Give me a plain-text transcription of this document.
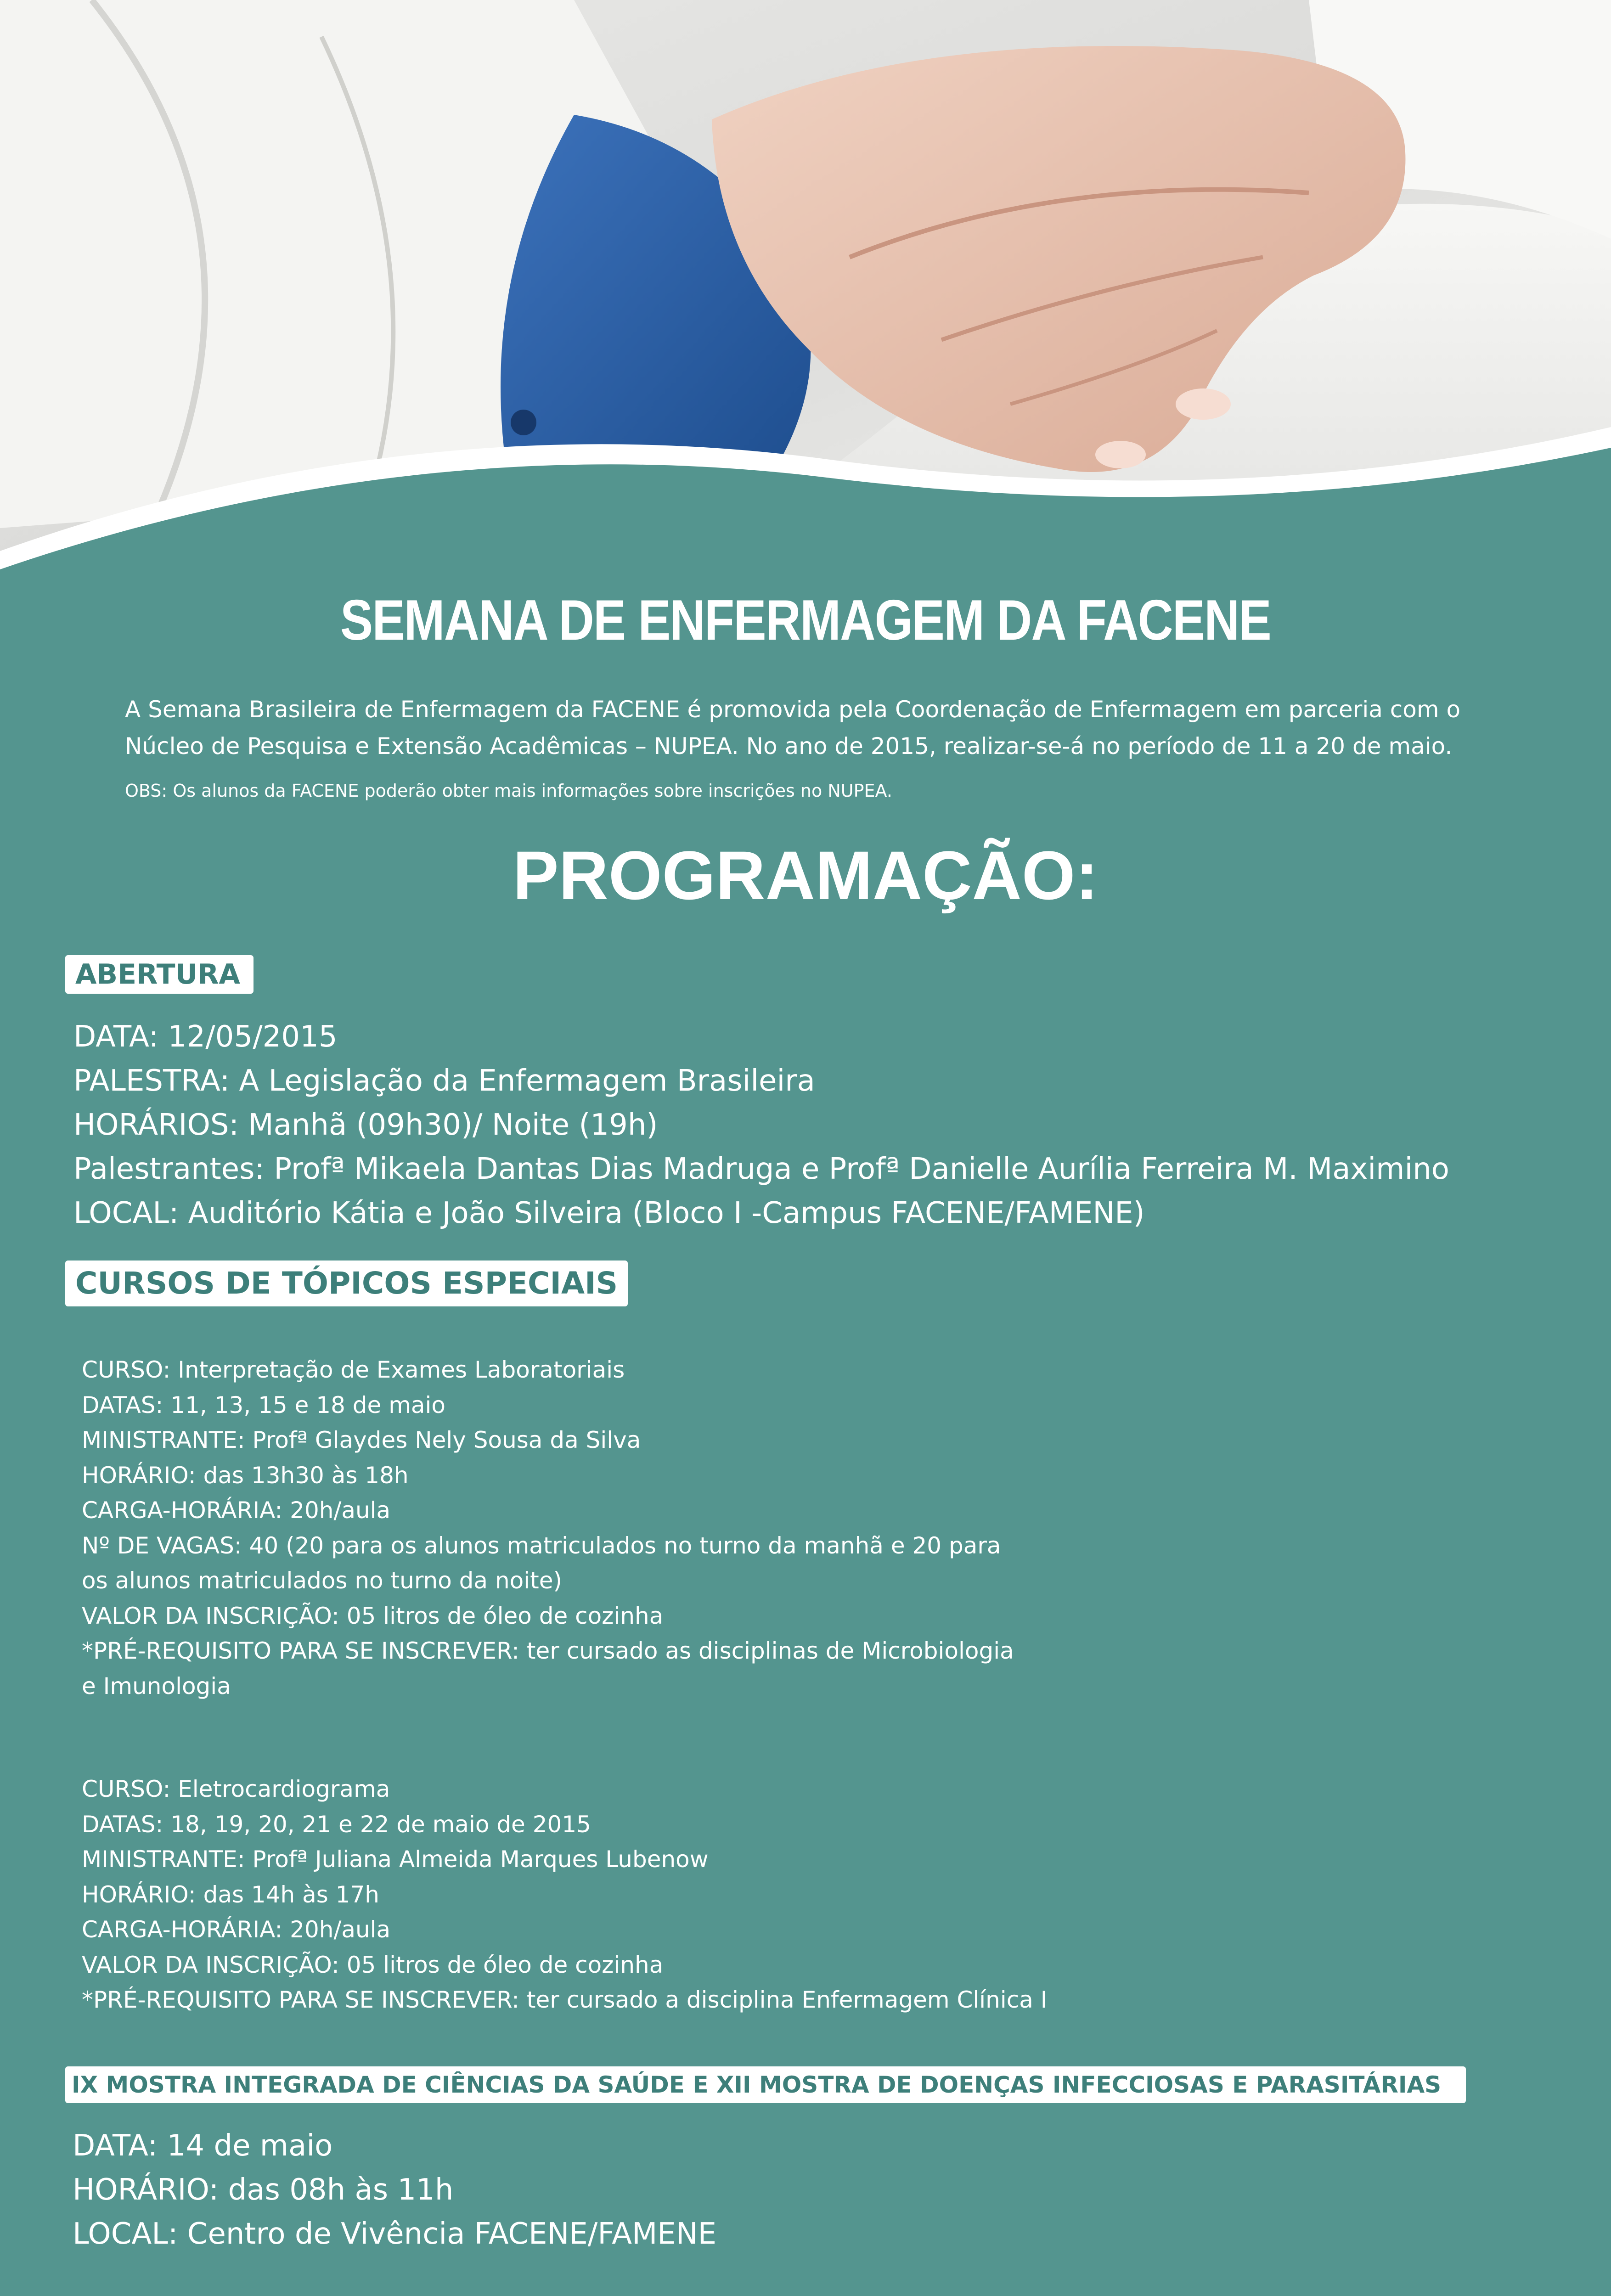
SEMANA DE ENFERMAGEM DA FACENE
A Semana Brasileira de Enfermagem da FACENE é promovida pela Coordenação de Enfermagem em parceria com o
Núcleo de Pesquisa e Extensão Acadêmicas – NUPEA. No ano de 2015, realizar-se-á no período de 11 a 20 de maio.
OBS: Os alunos da FACENE poderão obter mais informações sobre inscrições no NUPEA.
PROGRAMAÇÃO:
ABERTURA
DATA: 12/05/2015
PALESTRA: A Legislação da Enfermagem Brasileira
HORÁRIOS: Manhã (09h30)/ Noite (19h)
Palestrantes: Profª Mikaela Dantas Dias Madruga e Profª Danielle Aurília Ferreira M. Maximino
LOCAL: Auditório Kátia e João Silveira (Bloco I -Campus FACENE/FAMENE)
CURSOS DE TÓPICOS ESPECIAIS
CURSO: Interpretação de Exames Laboratoriais
DATAS: 11, 13, 15 e 18 de maio
MINISTRANTE: Profª Glaydes Nely Sousa da Silva
HORÁRIO: das 13h30 às 18h
CARGA-HORÁRIA: 20h/aula
Nº DE VAGAS: 40 (20 para os alunos matriculados no turno da manhã e 20 para
os alunos matriculados no turno da noite)
VALOR DA INSCRIÇÃO: 05 litros de óleo de cozinha
*PRÉ-REQUISITO PARA SE INSCREVER: ter cursado as disciplinas de Microbiologia
e Imunologia
CURSO: Eletrocardiograma
DATAS: 18, 19, 20, 21 e 22 de maio de 2015
MINISTRANTE: Profª Juliana Almeida Marques Lubenow
HORÁRIO: das 14h às 17h
CARGA-HORÁRIA: 20h/aula
VALOR DA INSCRIÇÃO: 05 litros de óleo de cozinha
*PRÉ-REQUISITO PARA SE INSCREVER: ter cursado a disciplina Enfermagem Clínica I
IX MOSTRA INTEGRADA DE CIÊNCIAS DA SAÚDE E XII MOSTRA DE DOENÇAS INFECCIOSAS E PARASITÁRIAS
DATA: 14 de maio
HORÁRIO: das 08h às 11h
LOCAL: Centro de Vivência FACENE/FAMENE
